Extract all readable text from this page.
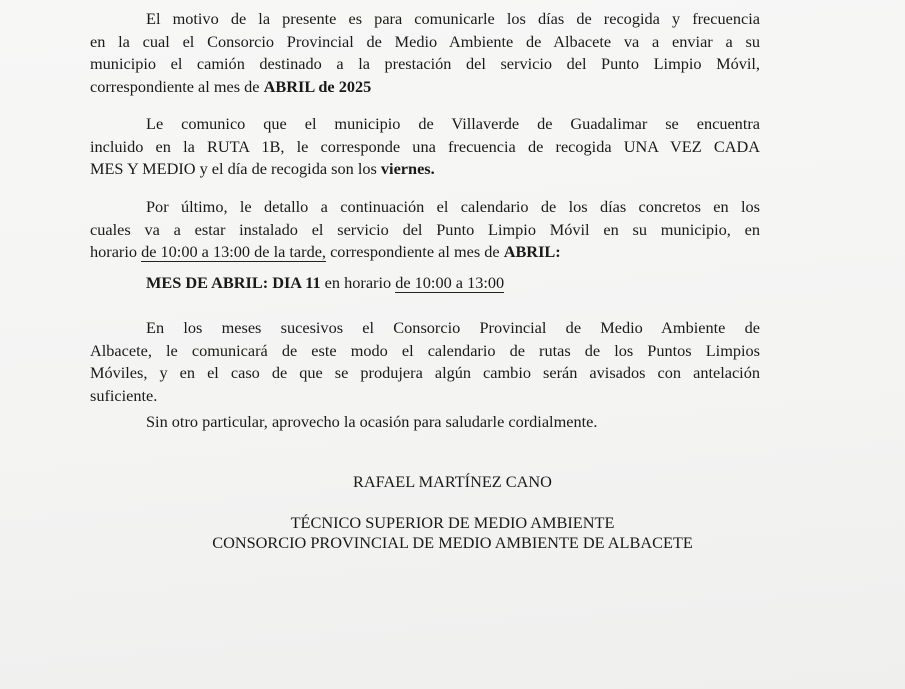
El motivo de la presente es para comunicarle los días de recogida y frecuencia
en la cual el Consorcio Provincial de Medio Ambiente de Albacete va a enviar a su
municipio el camión destinado a la prestación del servicio del Punto Limpio Móvil,
correspondiente al mes de ABRIL de 2025
Le comunico que el municipio de Villaverde de Guadalimar se encuentra
incluido en la RUTA 1B, le corresponde una frecuencia de recogida UNA VEZ CADA
MES Y MEDIO y el día de recogida son los viernes.
Por último, le detallo a continuación el calendario de los días concretos en los
cuales va a estar instalado el servicio del Punto Limpio Móvil en su municipio, en
horario de 10:00 a 13:00 de la tarde, correspondiente al mes de ABRIL:
MES DE ABRIL: DIA 11 en horario de 10:00 a 13:00
En los meses sucesivos el Consorcio Provincial de Medio Ambiente de
Albacete, le comunicará de este modo el calendario de rutas de los Puntos Limpios
Móviles, y en el caso de que se produjera algún cambio serán avisados con antelación
suficiente.
Sin otro particular, aprovecho la ocasión para saludarle cordialmente.

RAFAEL MARTÍNEZ CANO

TÉCNICO SUPERIOR DE MEDIO AMBIENTE

CONSORCIO PROVINCIAL DE MEDIO AMBIENTE DE ALBACETE
